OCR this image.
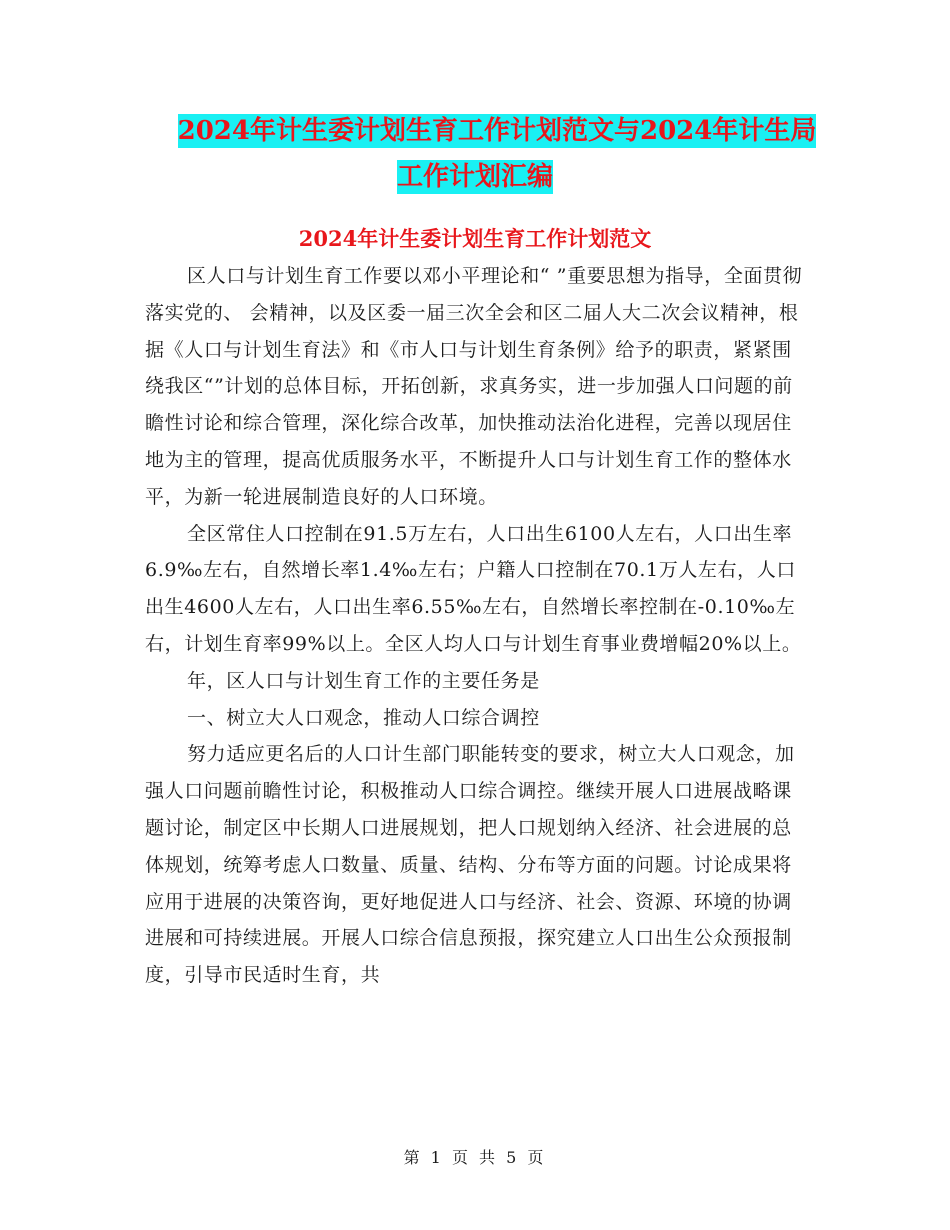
2024年计生委计划生育工作计划范文与2024年计生局
工作计划汇编
2024年计生委计划生育工作计划范文

区人口与计划生育工作要以邓小平理论和“ ”重要思想为指导，全面贯彻落实党的、 会精神，以及区委一届三次全会和区二届人大二次会议精神，根据《人口与计划生育法》和《市人口与计划生育条例》给予的职责，紧紧围绕我区“”计划的总体目标，开拓创新，求真务实，进一步加强人口问题的前瞻性讨论和综合管理，深化综合改革，加快推动法治化进程，完善以现居住地为主的管理，提高优质服务水平，不断提升人口与计划生育工作的整体水平，为新一轮进展制造良好的人口环境。

全区常住人口控制在91.5万左右，人口出生6100人左右，人口出生率6.9‰左右，自然增长率1.4‰左右；户籍人口控制在70.1万人左右，人口出生4600人左右，人口出生率6.55‰左右，自然增长率控制在-0.10‰左右，计划生育率99%以上。全区人均人口与计划生育事业费增幅20%以上。

年，区人口与计划生育工作的主要任务是

一、树立大人口观念，推动人口综合调控

努力适应更名后的人口计生部门职能转变的要求，树立大人口观念，加强人口问题前瞻性讨论，积极推动人口综合调控。继续开展人口进展战略课题讨论，制定区中长期人口进展规划，把人口规划纳入经济、社会进展的总体规划，统筹考虑人口数量、质量、结构、分布等方面的问题。讨论成果将应用于进展的决策咨询，更好地促进人口与经济、社会、资源、环境的协调进展和可持续进展。开展人口综合信息预报，探究建立人口出生公众预报制度，引导市民适时生育，共

第 1 页 共 5 页
